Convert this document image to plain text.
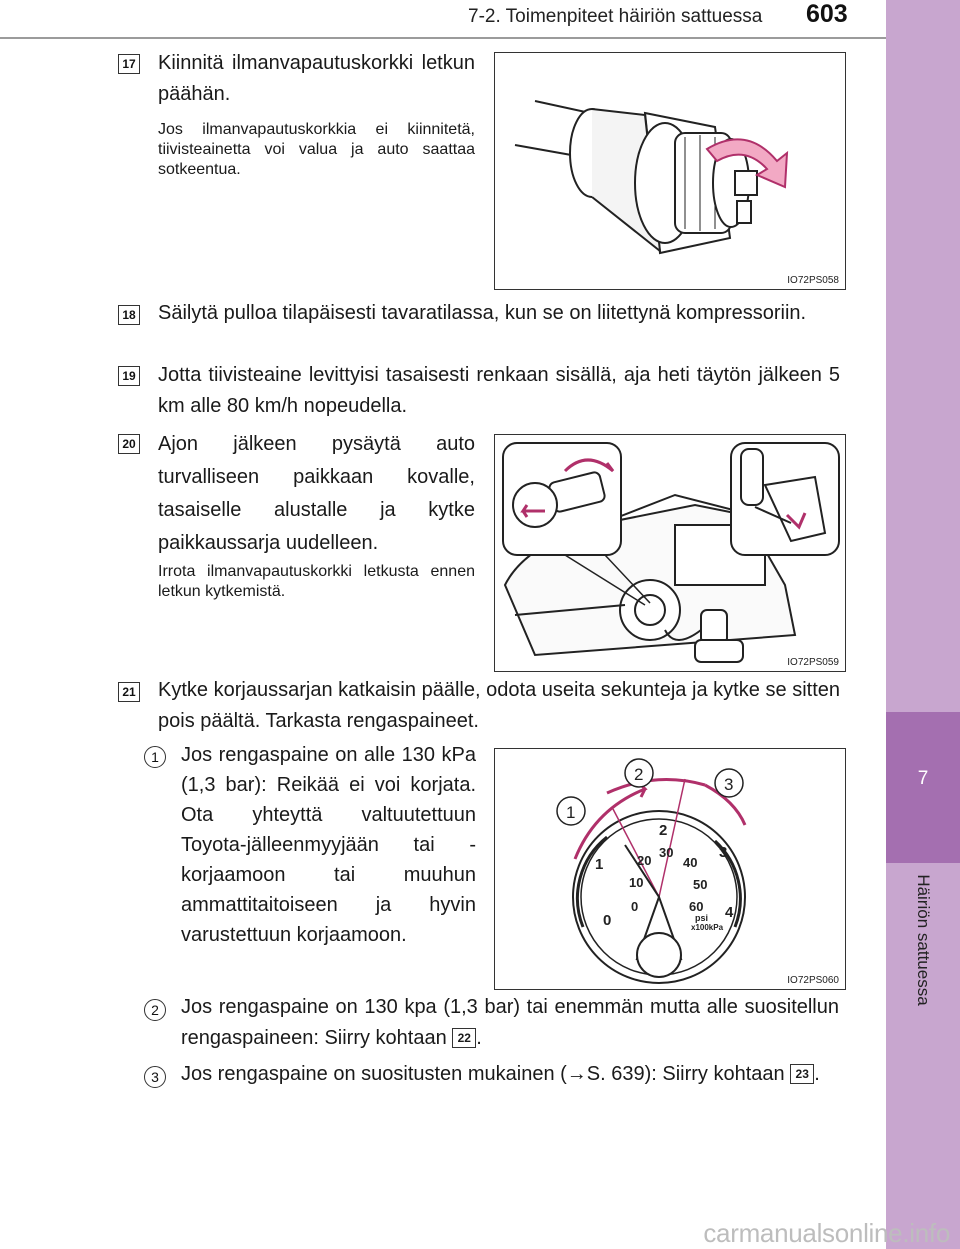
7-2. Toimenpiteet häiriön sattuessa 603
7
Häiriön sattuessa
17 Kiinnitä ilmanvapautuskorkki letkun päähän.
Jos ilmanvapautuskorkkia ei kiinnitetä, tiivisteainetta voi valua ja auto saattaa sotkeentua.
IO72PS058
18 Säilytä pulloa tilapäisesti tavaratilassa, kun se on liitettynä kompressoriin.
19 Jotta tiivisteaine levittyisi tasaisesti renkaan sisällä, aja heti täytön jälkeen 5 km alle 80 km/h nopeudella.
20 Ajon jälkeen pysäytä auto turvalliseen paikkaan kovalle, tasaiselle alustalle ja kytke paikkaussarja uudelleen.
Irrota ilmanvapautuskorkki letkusta ennen letkun kytkemistä.
IO72PS059
21 Kytke korjaussarjan katkaisin päälle, odota useita sekunteja ja kytke se sitten pois päältä. Tarkasta rengaspaineet.
1	Jos rengaspaine on alle 130 kPa (1,3 bar): Reikää ei voi korjata. Ota yhteyttä valtuutettuun Toyota-jälleenmyyjään tai -korjaamoon tai muuhun ammattitaitoiseen ja hyvin varustettuun korjaamoon.
1
2
3
4
0
0
10
20
30
40
50
60
psi
x100kPa
1
2
3
IO72PS060
2	Jos rengaspaine on 130 kpa (1,3 bar) tai enemmän mutta alle suositellun rengaspaineen: Siirry kohtaan 22 .
3	Jos rengaspaine on suositusten mukainen (→S. 639): Siirry kohtaan 23 .
carmanualsonline.info
